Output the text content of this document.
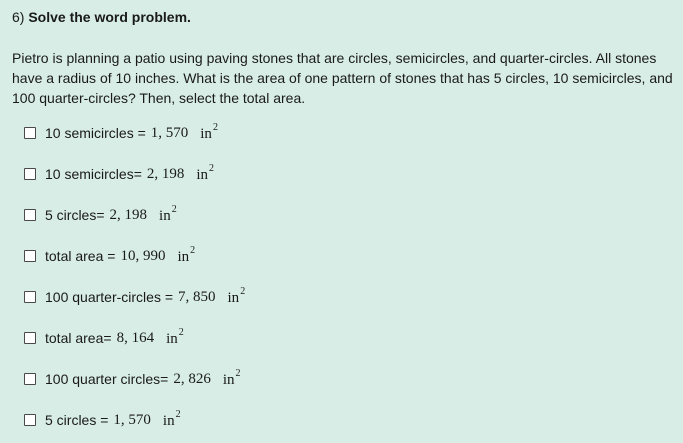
6) Solve the word problem.
Pietro is planning a patio using paving stones that are circles, semicircles, and quarter-circles. All stones have a radius of 10 inches. What is the area of one pattern of stones that has 5 circles, 10 semicircles, and 100 quarter-circles? Then, select the total area.
10 semicircles = 1, 570 $in^2$
10 semicircles= 2, 198 $in^2$
5 circles= 2, 198 $in^2$
total area = 10, 990 $in^2$
100 quarter-circles = 7, 850 $in^2$
total area= 8, 164 $in^2$
100 quarter circles= 2, 826 $in^2$
5 circles = 1, 570 $in^2$
